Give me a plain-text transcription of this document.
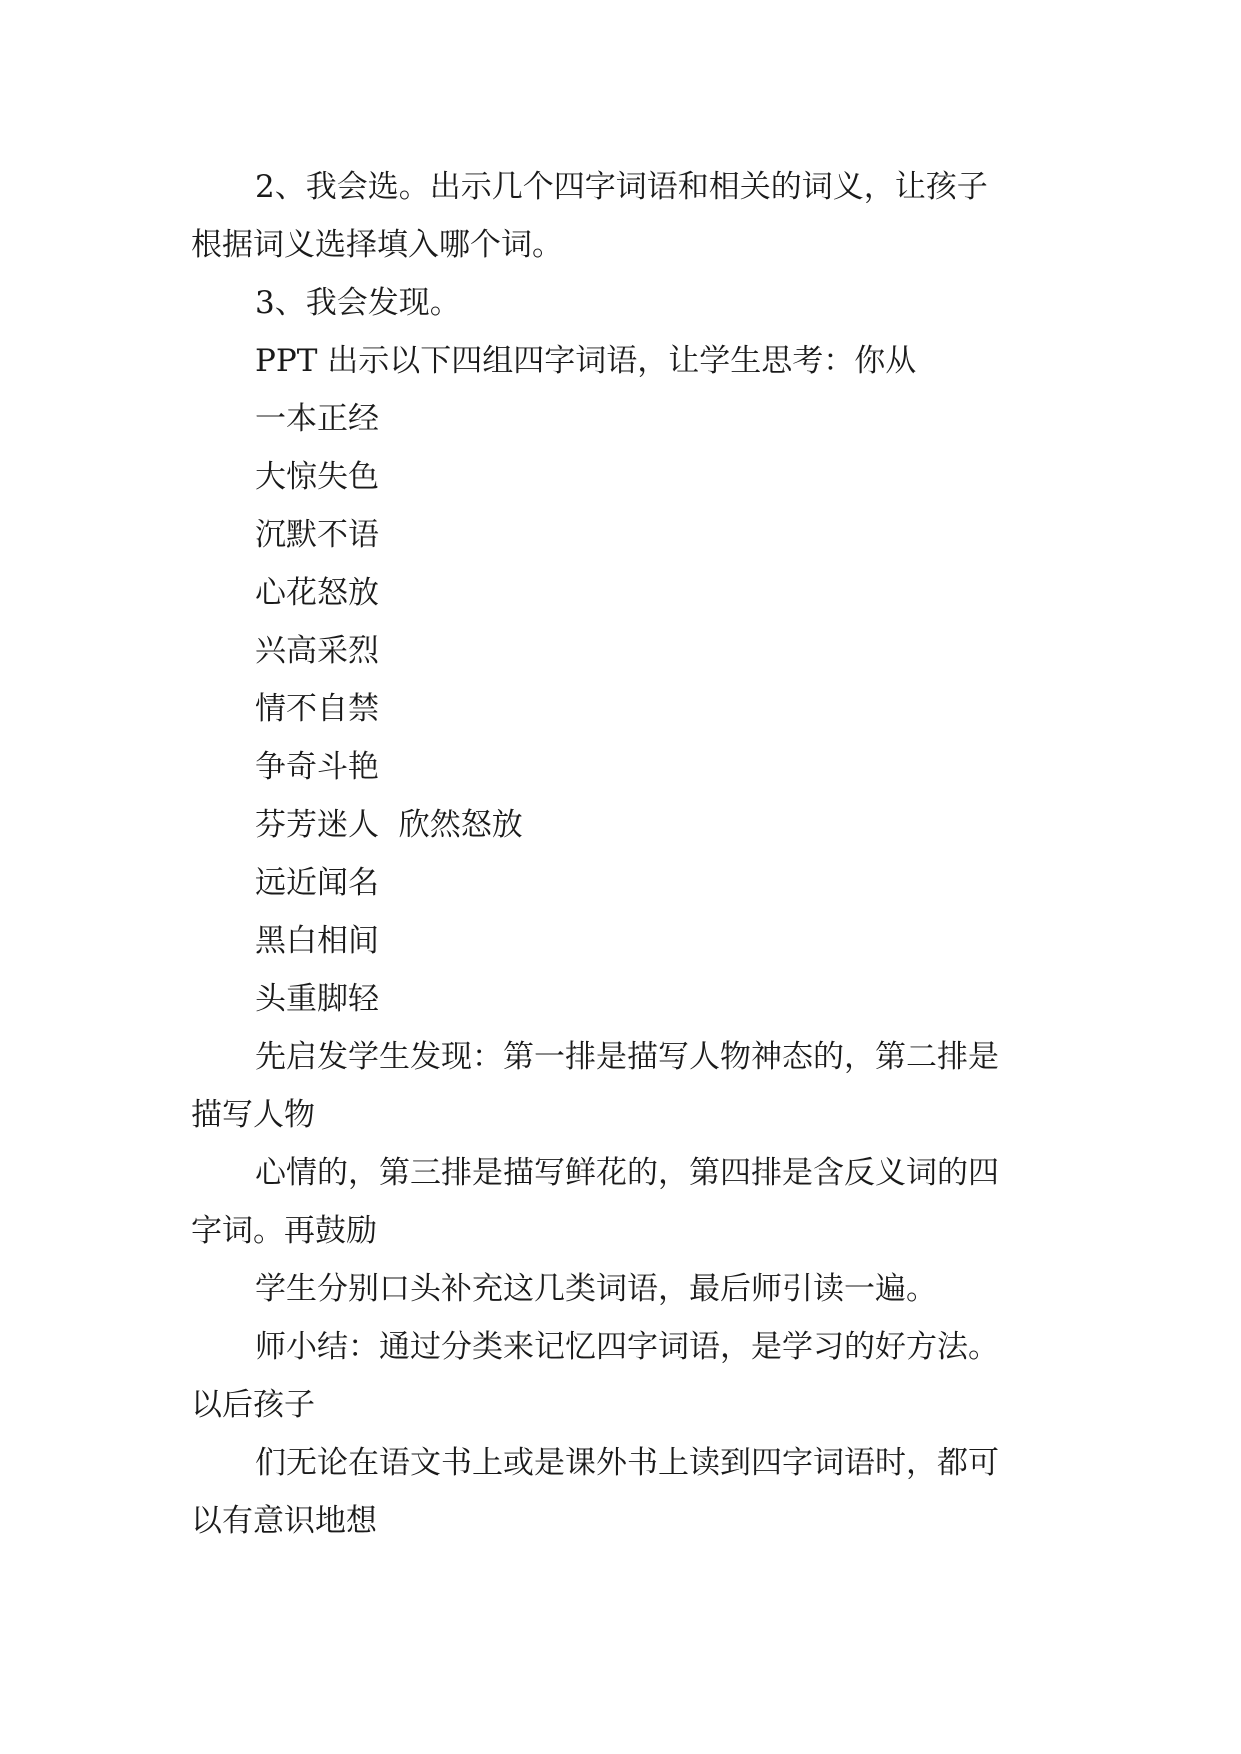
2、我会选。出示几个四字词语和相关的词义，让孩子
根据词义选择填入哪个词。
3、我会发现。
PPT 出示以下四组四字词语，让学生思考：你从
一本正经
大惊失色
沉默不语
心花怒放
兴高采烈
情不自禁
争奇斗艳
芬芳迷人  欣然怒放
远近闻名
黑白相间
头重脚轻
先启发学生发现：第一排是描写人物神态的，第二排是
描写人物
心情的，第三排是描写鲜花的，第四排是含反义词的四
字词。再鼓励
学生分别口头补充这几类词语，最后师引读一遍。
师小结：通过分类来记忆四字词语，是学习的好方法。
以后孩子
们无论在语文书上或是课外书上读到四字词语时，都可
以有意识地想
